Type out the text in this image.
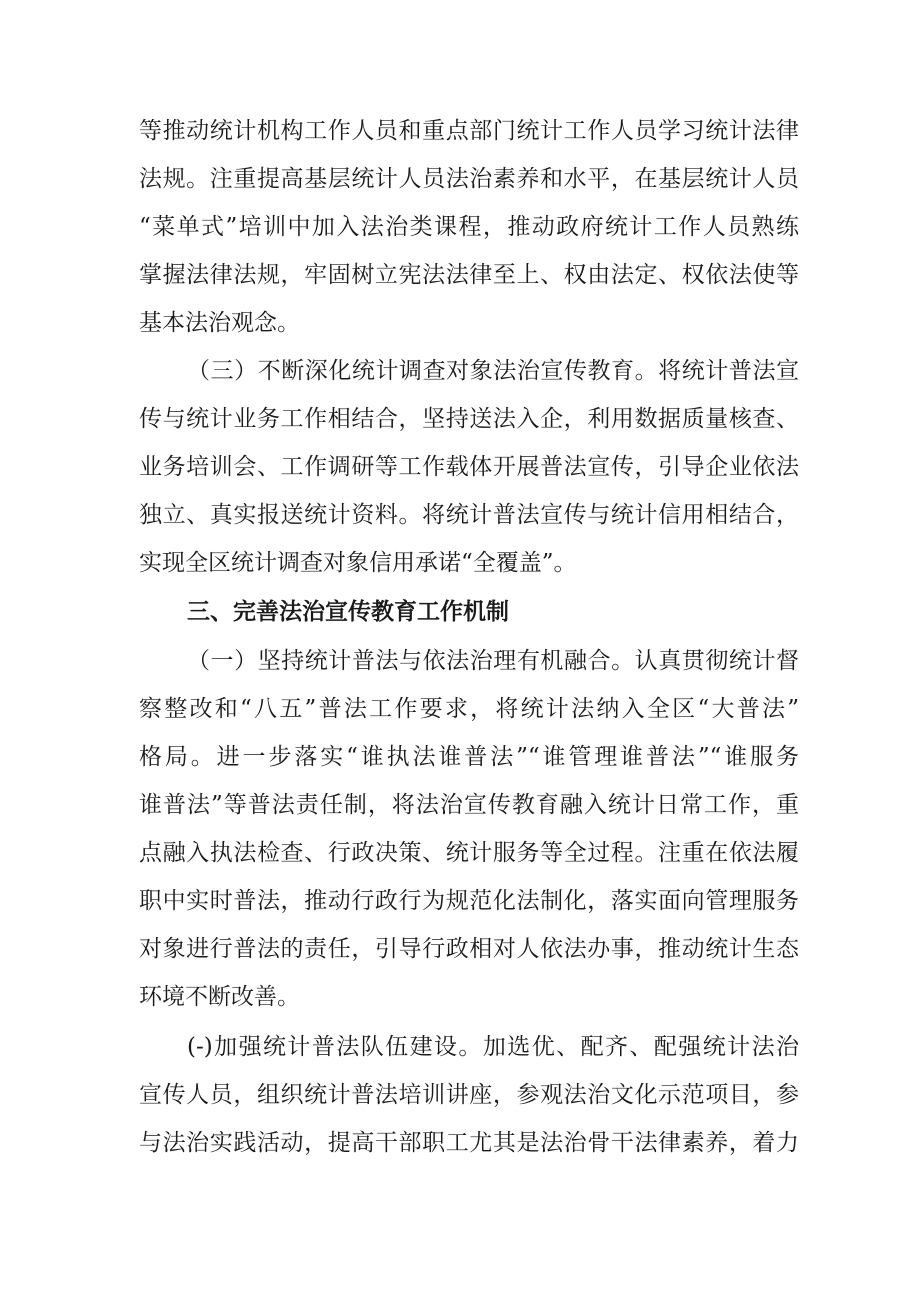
等推动统计机构工作人员和重点部门统计工作人员学习统计法律
法规。注重提高基层统计人员法治素养和水平，在基层统计人员
“菜单式”培训中加入法治类课程，推动政府统计工作人员熟练
掌握法律法规，牢固树立宪法法律至上、权由法定、权依法使等
基本法治观念。
（三）不断深化统计调查对象法治宣传教育。将统计普法宣
传与统计业务工作相结合，坚持送法入企，利用数据质量核查、
业务培训会、工作调研等工作载体开展普法宣传，引导企业依法
独立、真实报送统计资料。将统计普法宣传与统计信用相结合，
实现全区统计调查对象信用承诺“全覆盖”。
三、完善法治宣传教育工作机制
（一）坚持统计普法与依法治理有机融合。认真贯彻统计督
察整改和“八五”普法工作要求，将统计法纳入全区“大普法”
格局。进一步落实“谁执法谁普法”“谁管理谁普法”“谁服务
谁普法”等普法责任制，将法治宣传教育融入统计日常工作，重
点融入执法检查、行政决策、统计服务等全过程。注重在依法履
职中实时普法，推动行政行为规范化法制化，落实面向管理服务
对象进行普法的责任，引导行政相对人依法办事，推动统计生态
环境不断改善。
(-)加强统计普法队伍建设。加选优、配齐、配强统计法治
宣传人员，组织统计普法培训讲座，参观法治文化示范项目，参
与法治实践活动，提高干部职工尤其是法治骨干法律素养，着力
